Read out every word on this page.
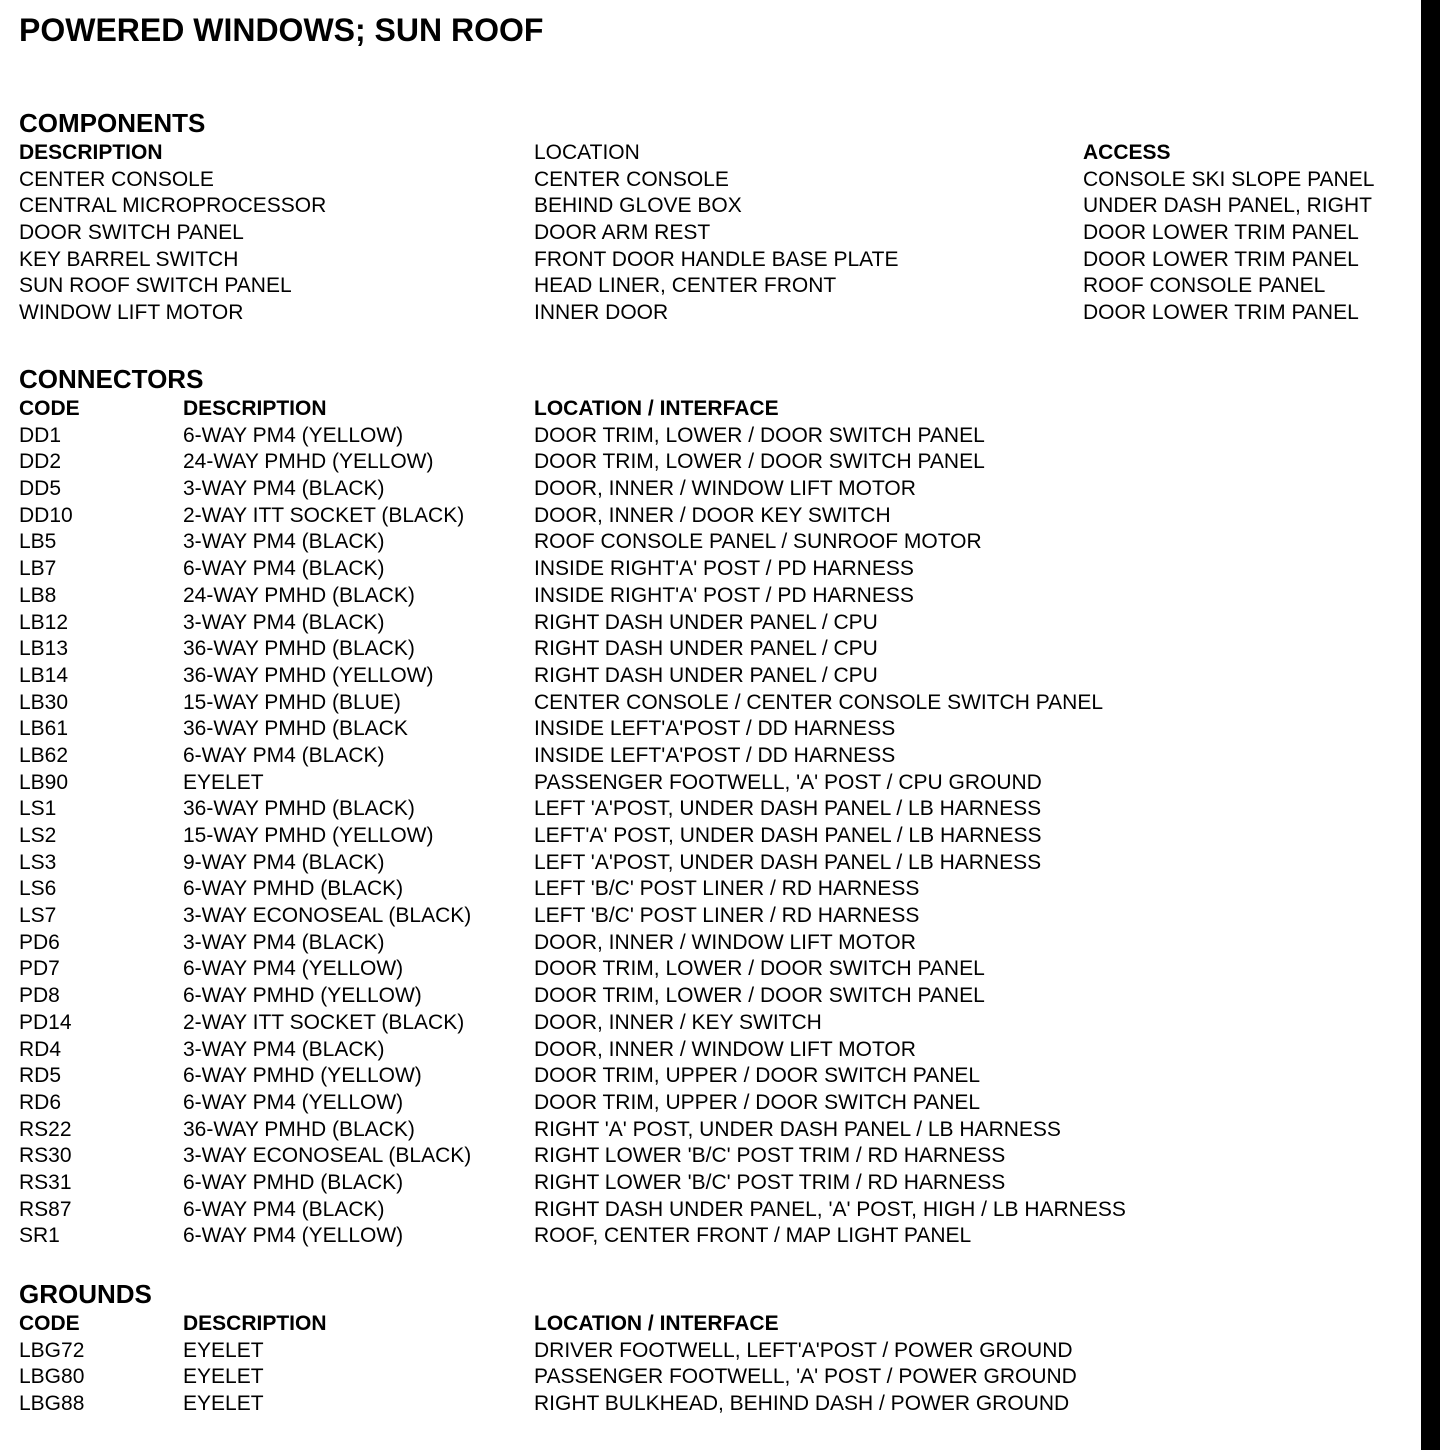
POWERED WINDOWS; SUN ROOF
COMPONENTS
DESCRIPTION	LOCATION	ACCESS
CENTER CONSOLE	CENTER CONSOLE	CONSOLE SKI SLOPE PANEL
CENTRAL MICROPROCESSOR	BEHIND GLOVE BOX	UNDER DASH PANEL, RIGHT
DOOR SWITCH PANEL	DOOR ARM REST	DOOR LOWER TRIM PANEL
KEY BARREL SWITCH	FRONT DOOR HANDLE BASE PLATE	DOOR LOWER TRIM PANEL
SUN ROOF SWITCH PANEL	HEAD LINER, CENTER FRONT	ROOF CONSOLE PANEL
WINDOW LIFT MOTOR	INNER DOOR	DOOR LOWER TRIM PANEL
CONNECTORS
CODE	DESCRIPTION	LOCATION / INTERFACE
DD1	6-WAY PM4 (YELLOW)	DOOR TRIM, LOWER / DOOR SWITCH PANEL
DD2	24-WAY PMHD (YELLOW)	DOOR TRIM, LOWER / DOOR SWITCH PANEL
DD5	3-WAY PM4 (BLACK)	DOOR, INNER / WINDOW LIFT MOTOR
DD10	2-WAY ITT SOCKET (BLACK)	DOOR, INNER / DOOR KEY SWITCH
LB5	3-WAY PM4 (BLACK)	ROOF CONSOLE PANEL / SUNROOF MOTOR
LB7	6-WAY PM4 (BLACK)	INSIDE RIGHT'A' POST / PD HARNESS
LB8	24-WAY PMHD (BLACK)	INSIDE RIGHT'A' POST / PD HARNESS
LB12	3-WAY PM4 (BLACK)	RIGHT DASH UNDER PANEL / CPU
LB13	36-WAY PMHD (BLACK)	RIGHT DASH UNDER PANEL / CPU
LB14	36-WAY PMHD (YELLOW)	RIGHT DASH UNDER PANEL / CPU
LB30	15-WAY PMHD (BLUE)	CENTER CONSOLE / CENTER CONSOLE SWITCH PANEL
LB61	36-WAY PMHD (BLACK	INSIDE LEFT'A'POST / DD HARNESS
LB62	6-WAY PM4 (BLACK)	INSIDE LEFT'A'POST / DD HARNESS
LB90	EYELET	PASSENGER FOOTWELL, 'A' POST / CPU GROUND
LS1	36-WAY PMHD (BLACK)	LEFT 'A'POST, UNDER DASH PANEL / LB HARNESS
LS2	15-WAY PMHD (YELLOW)	LEFT'A' POST, UNDER DASH PANEL / LB HARNESS
LS3	9-WAY PM4 (BLACK)	LEFT 'A'POST, UNDER DASH PANEL / LB HARNESS
LS6	6-WAY PMHD (BLACK)	LEFT 'B/C' POST LINER / RD HARNESS
LS7	3-WAY ECONOSEAL (BLACK)	LEFT 'B/C' POST LINER / RD HARNESS
PD6	3-WAY PM4 (BLACK)	DOOR, INNER / WINDOW LIFT MOTOR
PD7	6-WAY PM4 (YELLOW)	DOOR TRIM, LOWER / DOOR SWITCH PANEL
PD8	6-WAY PMHD (YELLOW)	DOOR TRIM, LOWER / DOOR SWITCH PANEL
PD14	2-WAY ITT SOCKET (BLACK)	DOOR, INNER / KEY SWITCH
RD4	3-WAY PM4 (BLACK)	DOOR, INNER / WINDOW LIFT MOTOR
RD5	6-WAY PMHD (YELLOW)	DOOR TRIM, UPPER / DOOR SWITCH PANEL
RD6	6-WAY PM4 (YELLOW)	DOOR TRIM, UPPER / DOOR SWITCH PANEL
RS22	36-WAY PMHD (BLACK)	RIGHT 'A' POST, UNDER DASH PANEL / LB HARNESS
RS30	3-WAY ECONOSEAL (BLACK)	RIGHT LOWER 'B/C' POST TRIM / RD HARNESS
RS31	6-WAY PMHD (BLACK)	RIGHT LOWER 'B/C' POST TRIM / RD HARNESS
RS87	6-WAY PM4 (BLACK)	RIGHT DASH UNDER PANEL, 'A' POST, HIGH / LB HARNESS
SR1	6-WAY PM4 (YELLOW)	ROOF, CENTER FRONT / MAP LIGHT PANEL
GROUNDS
CODE	DESCRIPTION	LOCATION / INTERFACE
LBG72	EYELET	DRIVER FOOTWELL, LEFT'A'POST / POWER GROUND
LBG80	EYELET	PASSENGER FOOTWELL, 'A' POST / POWER GROUND
LBG88	EYELET	RIGHT BULKHEAD, BEHIND DASH / POWER GROUND
